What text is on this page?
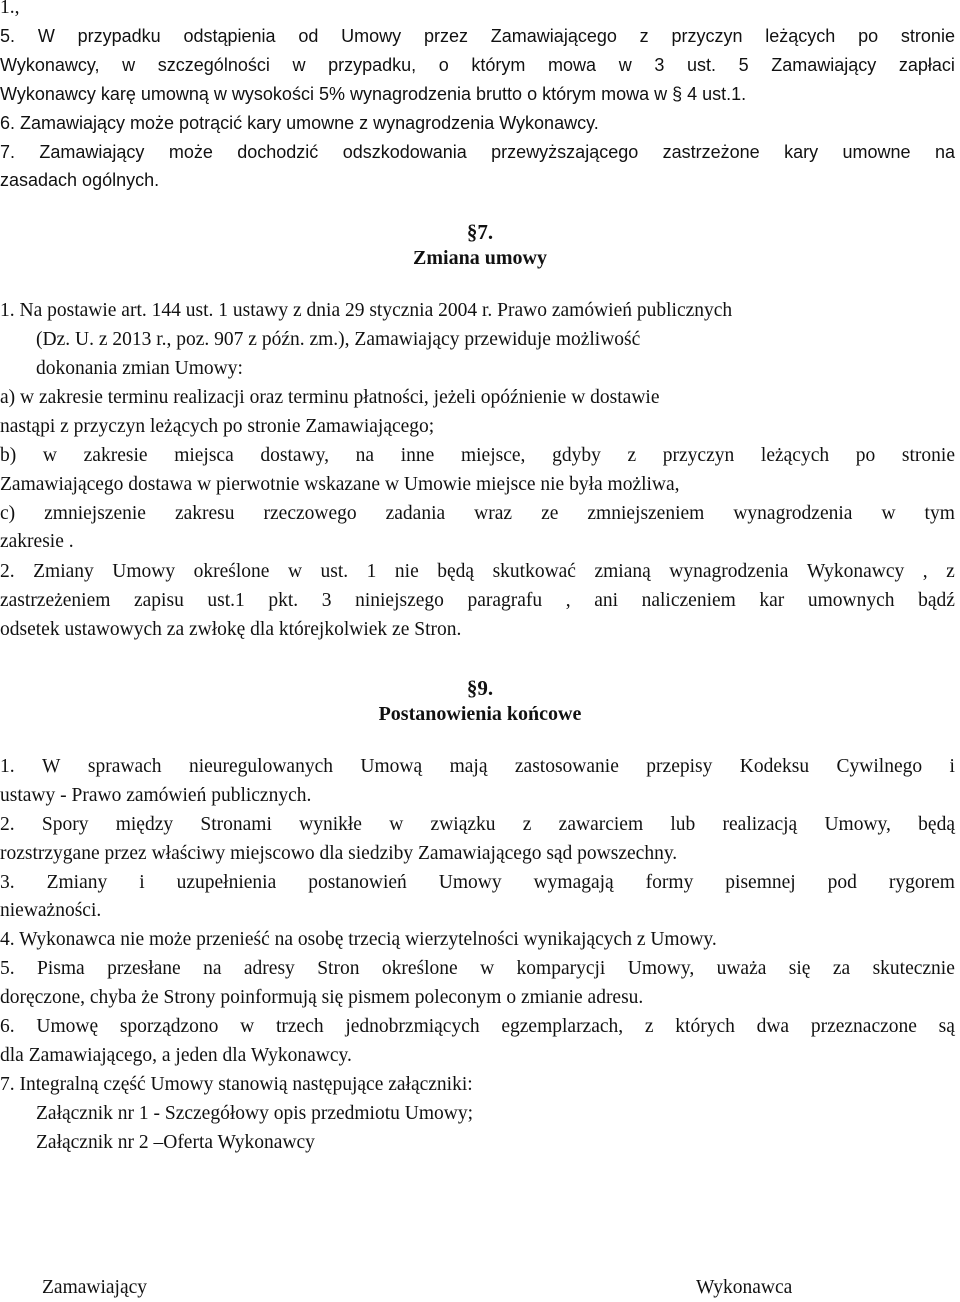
1.,
5. W przypadku odstąpienia od Umowy przez Zamawiającego z przyczyn leżących po stronie
Wykonawcy, w szczególności w przypadku, o którym mowa w 3 ust. 5 Zamawiający zapłaci
Wykonawcy karę umowną w wysokości 5% wynagrodzenia brutto o którym mowa w § 4 ust.1.
6. Zamawiający może potrącić kary umowne z wynagrodzenia Wykonawcy.
7. Zamawiający może dochodzić odszkodowania przewyższającego zastrzeżone kary umowne na
zasadach ogólnych.
§7.
Zmiana umowy
1. Na postawie art. 144 ust. 1 ustawy z dnia 29 stycznia 2004 r. Prawo zamówień publicznych
(Dz. U. z 2013 r., poz. 907 z późn. zm.), Zamawiający przewiduje możliwość
dokonania zmian Umowy:
a) w zakresie terminu realizacji oraz terminu płatności, jeżeli opóźnienie w dostawie
nastąpi z przyczyn leżących po stronie Zamawiającego;
b) w zakresie miejsca dostawy, na inne miejsce, gdyby z przyczyn leżących po stronie
Zamawiającego dostawa w pierwotnie wskazane w Umowie miejsce nie była możliwa,
c) zmniejszenie zakresu rzeczowego zadania wraz ze zmniejszeniem wynagrodzenia w tym
zakresie .
2. Zmiany Umowy określone w ust. 1 nie będą skutkować zmianą wynagrodzenia Wykonawcy , z
zastrzeżeniem zapisu ust.1 pkt. 3 niniejszego paragrafu , ani naliczeniem kar umownych bądź
odsetek ustawowych za zwłokę dla którejkolwiek ze Stron.
§9.
Postanowienia końcowe
1. W sprawach nieuregulowanych Umową mają zastosowanie przepisy Kodeksu Cywilnego i
ustawy - Prawo zamówień publicznych.
2. Spory między Stronami wynikłe w związku z zawarciem lub realizacją Umowy, będą
rozstrzygane przez właściwy miejscowo dla siedziby Zamawiającego sąd powszechny.
3. Zmiany i uzupełnienia postanowień Umowy wymagają formy pisemnej pod rygorem
nieważności.
4. Wykonawca nie może przenieść na osobę trzecią wierzytelności wynikających z Umowy.
5. Pisma przesłane na adresy Stron określone w komparycji Umowy, uważa się za skutecznie
doręczone, chyba że Strony poinformują się pismem poleconym o zmianie adresu.
6. Umowę sporządzono w trzech jednobrzmiących egzemplarzach, z których dwa przeznaczone są
dla Zamawiającego, a jeden dla Wykonawcy.
7. Integralną część Umowy stanowią następujące załączniki:
Załącznik nr 1 - Szczegółowy opis przedmiotu Umowy;
Załącznik nr 2 –Oferta Wykonawcy
Zamawiający	Wykonawca
